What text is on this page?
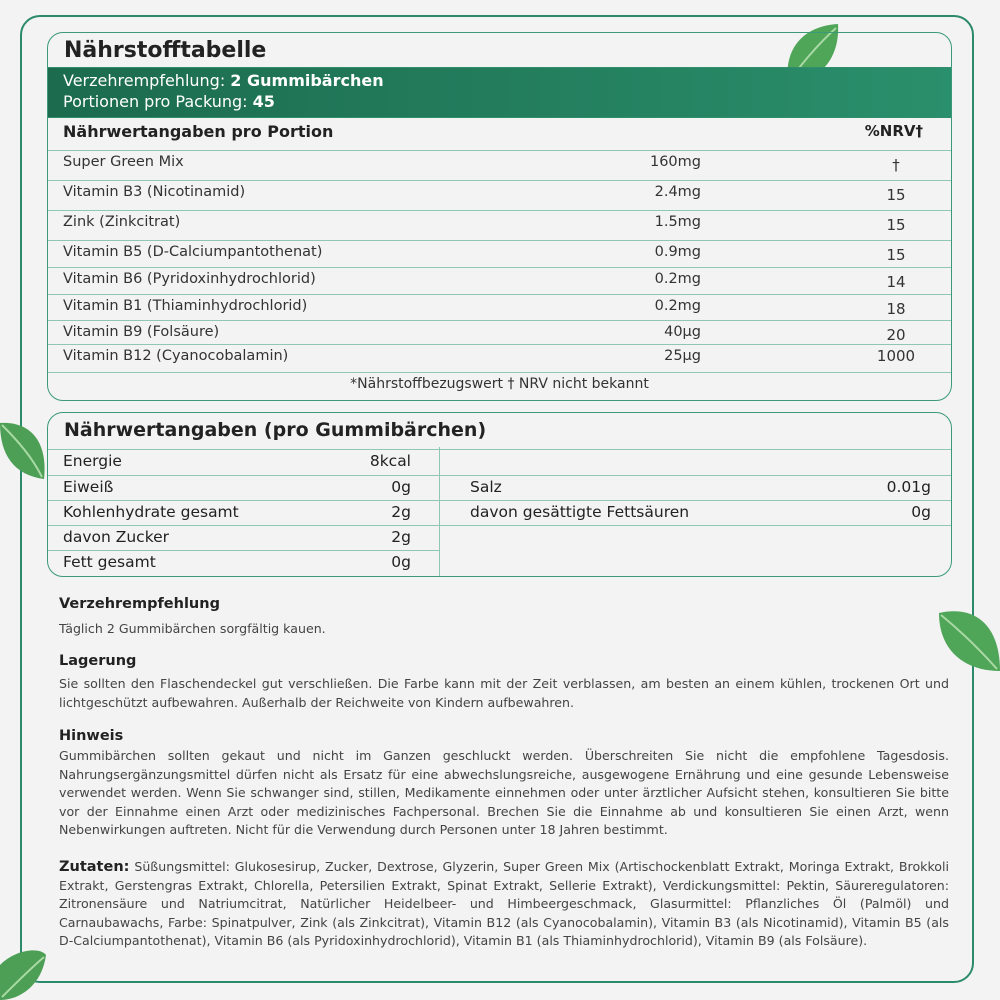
Nährstofftabelle
Verzehrempfehlung: 2 Gummibärchen
Portionen pro Packung: 45
Nährwertangaben pro Portion	%NRV†
Super Green Mix	160mg	†
Vitamin B3 (Nicotinamid)	2.4mg	15
Zink (Zinkcitrat)	1.5mg	15
Vitamin B5 (D-Calciumpantothenat)	0.9mg	15
Vitamin B6 (Pyridoxinhydrochlorid)	0.2mg	14
Vitamin B1 (Thiaminhydrochlorid)	0.2mg	18
Vitamin B9 (Folsäure)	40µg	20
Vitamin B12 (Cyanocobalamin)	25µg	1000
*Nährstoffbezugswert † NRV nicht bekannt
Nährwertangaben (pro Gummibärchen)
Energie	8kcal
Eiweiß	0g
Kohlenhydrate gesamt	2g
davon Zucker	2g
Fett gesamt	0g
Salz	0.01g
davon gesättigte Fettsäuren	0g
Verzehrempfehlung
Täglich 2 Gummibärchen sorgfältig kauen.
Lagerung
Sie sollten den Flaschendeckel gut verschließen. Die Farbe kann mit der Zeit verblassen, am besten an einem kühlen, trockenen Ort und lichtgeschützt aufbewahren. Außerhalb der Reichweite von Kindern aufbewahren.
Hinweis
Gummibärchen sollten gekaut und nicht im Ganzen geschluckt werden. Überschreiten Sie nicht die empfohlene Tagesdosis. Nahrungsergänzungsmittel dürfen nicht als Ersatz für eine abwechslungsreiche, ausgewogene Ernährung und eine gesunde Lebensweise verwendet werden. Wenn Sie schwanger sind, stillen, Medikamente einnehmen oder unter ärztlicher Aufsicht stehen, konsultieren Sie bitte vor der Einnahme einen Arzt oder medizinisches Fachpersonal. Brechen Sie die Einnahme ab und konsultieren Sie einen Arzt, wenn Nebenwirkungen auftreten. Nicht für die Verwendung durch Personen unter 18 Jahren bestimmt.
Zutaten: Süßungsmittel: Glukosesirup, Zucker, Dextrose, Glyzerin, Super Green Mix (Artischockenblatt Extrakt, Moringa Extrakt, Brokkoli Extrakt, Gerstengras Extrakt, Chlorella, Petersilien Extrakt, Spinat Extrakt, Sellerie Extrakt), Verdickungsmittel: Pektin, Säureregulatoren: Zitronensäure und Natriumcitrat, Natürlicher Heidelbeer- und Himbeergeschmack, Glasurmittel: Pflanzliches Öl (Palmöl) und Carnaubawachs, Farbe: Spinatpulver, Zink (als Zinkcitrat), Vitamin B12 (als Cyanocobalamin), Vitamin B3 (als Nicotinamid), Vitamin B5 (als D-Calciumpantothenat), Vitamin B6 (als Pyridoxinhydrochlorid), Vitamin B1 (als Thiaminhydrochlorid), Vitamin B9 (als Folsäure).
